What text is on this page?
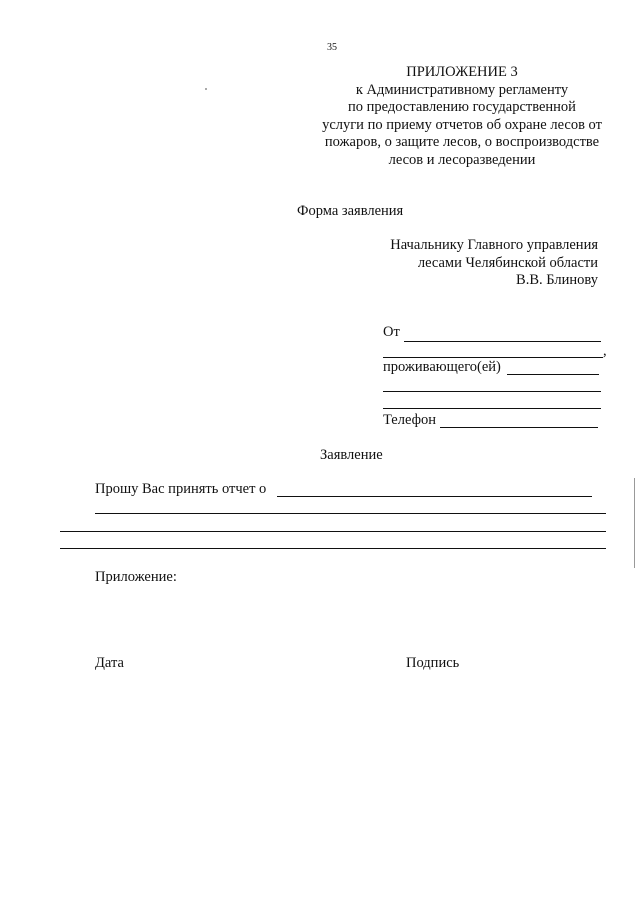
35
ПРИЛОЖЕНИЕ 3
к Административному регламенту
по предоставлению государственной
услуги по приему отчетов об охране лесов от
пожаров, о защите лесов, о воспроизводстве
лесов и лесоразведении
Форма заявления
Начальнику Главного управления
лесами Челябинской области
В.В. Блинову
От
,
проживающего(ей)
Телефон
Заявление
Прошу Вас принять отчет о
Приложение:
Дата	Подпись
